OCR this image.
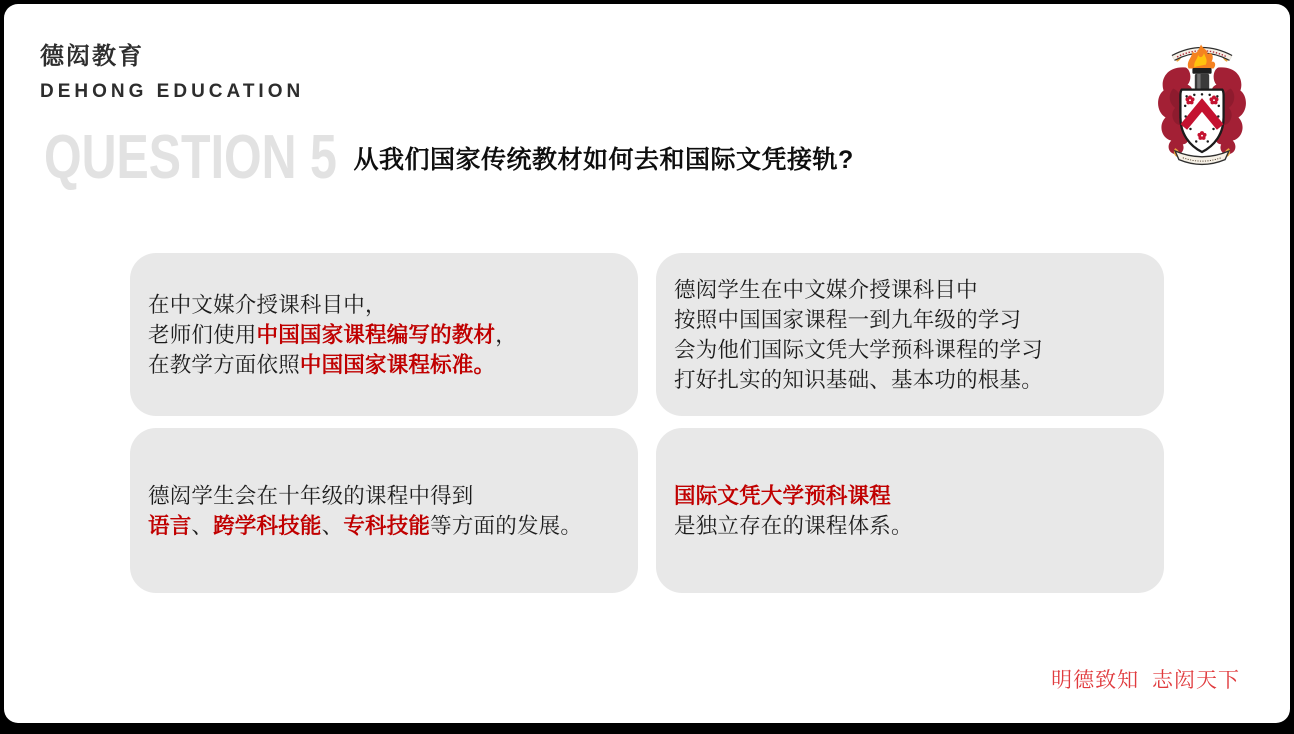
德闳教育
DEHONG EDUCATION
QUESTION 5 从我们国家传统教材如何去和国际文凭接轨?
在中文媒介授课科目中，
老师们使用中国国家课程编写的教材，
在教学方面依照中国国家课程标准。
德闳学生在中文媒介授课科目中
按照中国国家课程一到九年级的学习
会为他们国际文凭大学预科课程的学习
打好扎实的知识基础、基本功的根基。
德闳学生会在十年级的课程中得到
语言、跨学科技能、专科技能等方面的发展。
国际文凭大学预科课程
是独立存在的课程体系。
明德致知 志闳天下
